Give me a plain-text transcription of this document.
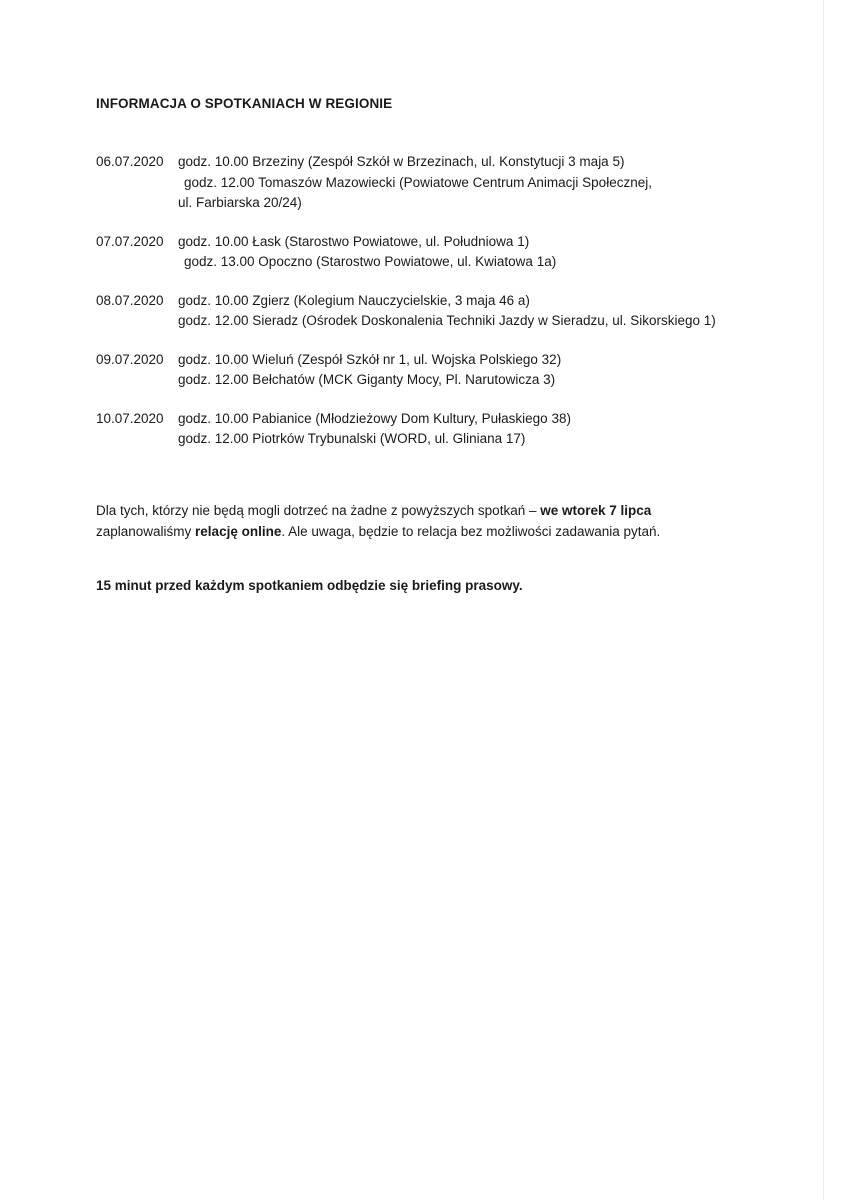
INFORMACJA O SPOTKANIACH W REGIONIE
06.07.2020 godz. 10.00 Brzeziny (Zespół Szkół w Brzezinach, ul. Konstytucji 3 maja 5)
godz. 12.00 Tomaszów Mazowiecki (Powiatowe Centrum Animacji Społecznej,
ul. Farbiarska 20/24)
07.07.2020 godz. 10.00 Łask (Starostwo Powiatowe, ul. Południowa 1)
godz. 13.00 Opoczno (Starostwo Powiatowe, ul. Kwiatowa 1a)
08.07.2020 godz. 10.00 Zgierz (Kolegium Nauczycielskie, 3 maja 46 a)
godz. 12.00 Sieradz (Ośrodek Doskonalenia Techniki Jazdy w Sieradzu, ul. Sikorskiego 1)
09.07.2020 godz. 10.00 Wieluń (Zespół Szkół nr 1, ul. Wojska Polskiego 32)
godz. 12.00 Bełchatów (MCK Giganty Mocy, Pl. Narutowicza 3)
10.07.2020 godz. 10.00 Pabianice (Młodzieżowy Dom Kultury, Pułaskiego 38)
godz. 12.00 Piotrków Trybunalski (WORD, ul. Gliniana 17)
Dla tych, którzy nie będą mogli dotrzeć na żadne z powyższych spotkań – we wtorek 7 lipca
zaplanowaliśmy relację online. Ale uwaga, będzie to relacja bez możliwości zadawania pytań.
15 minut przed każdym spotkaniem odbędzie się briefing prasowy.
